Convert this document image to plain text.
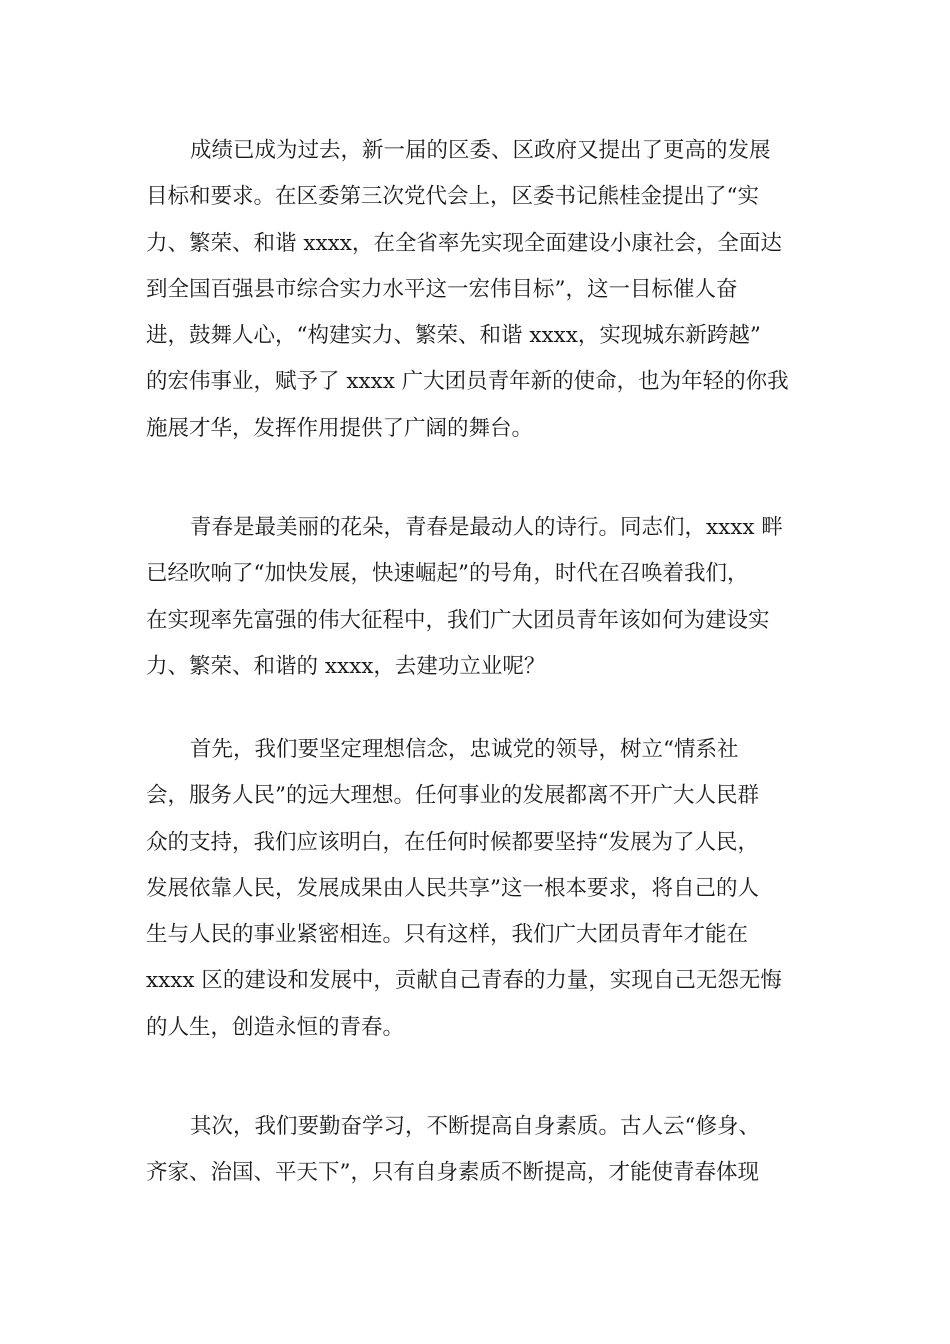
成绩已成为过去，新一届的区委、区政府又提出了更高的发展
目标和要求。在区委第三次党代会上，区委书记熊桂金提出了“实
力、繁荣、和谐 xxxx，在全省率先实现全面建设小康社会，全面达
到全国百强县市综合实力水平这一宏伟目标”，这一目标催人奋
进，鼓舞人心，“构建实力、繁荣、和谐 xxxx，实现城东新跨越”
的宏伟事业，赋予了 xxxx 广大团员青年新的使命，也为年轻的你我
施展才华，发挥作用提供了广阔的舞台。
青春是最美丽的花朵，青春是最动人的诗行。同志们，xxxx 畔
已经吹响了“加快发展，快速崛起”的号角，时代在召唤着我们，
在实现率先富强的伟大征程中，我们广大团员青年该如何为建设实
力、繁荣、和谐的 xxxx，去建功立业呢？
首先，我们要坚定理想信念，忠诚党的领导，树立“情系社
会，服务人民”的远大理想。任何事业的发展都离不开广大人民群
众的支持，我们应该明白，在任何时候都要坚持“发展为了人民，
发展依靠人民，发展成果由人民共享”这一根本要求，将自己的人
生与人民的事业紧密相连。只有这样，我们广大团员青年才能在
xxxx 区的建设和发展中，贡献自己青春的力量，实现自己无怨无悔
的人生，创造永恒的青春。
其次，我们要勤奋学习，不断提高自身素质。古人云“修身、
齐家、治国、平天下”，只有自身素质不断提高，才能使青春体现
